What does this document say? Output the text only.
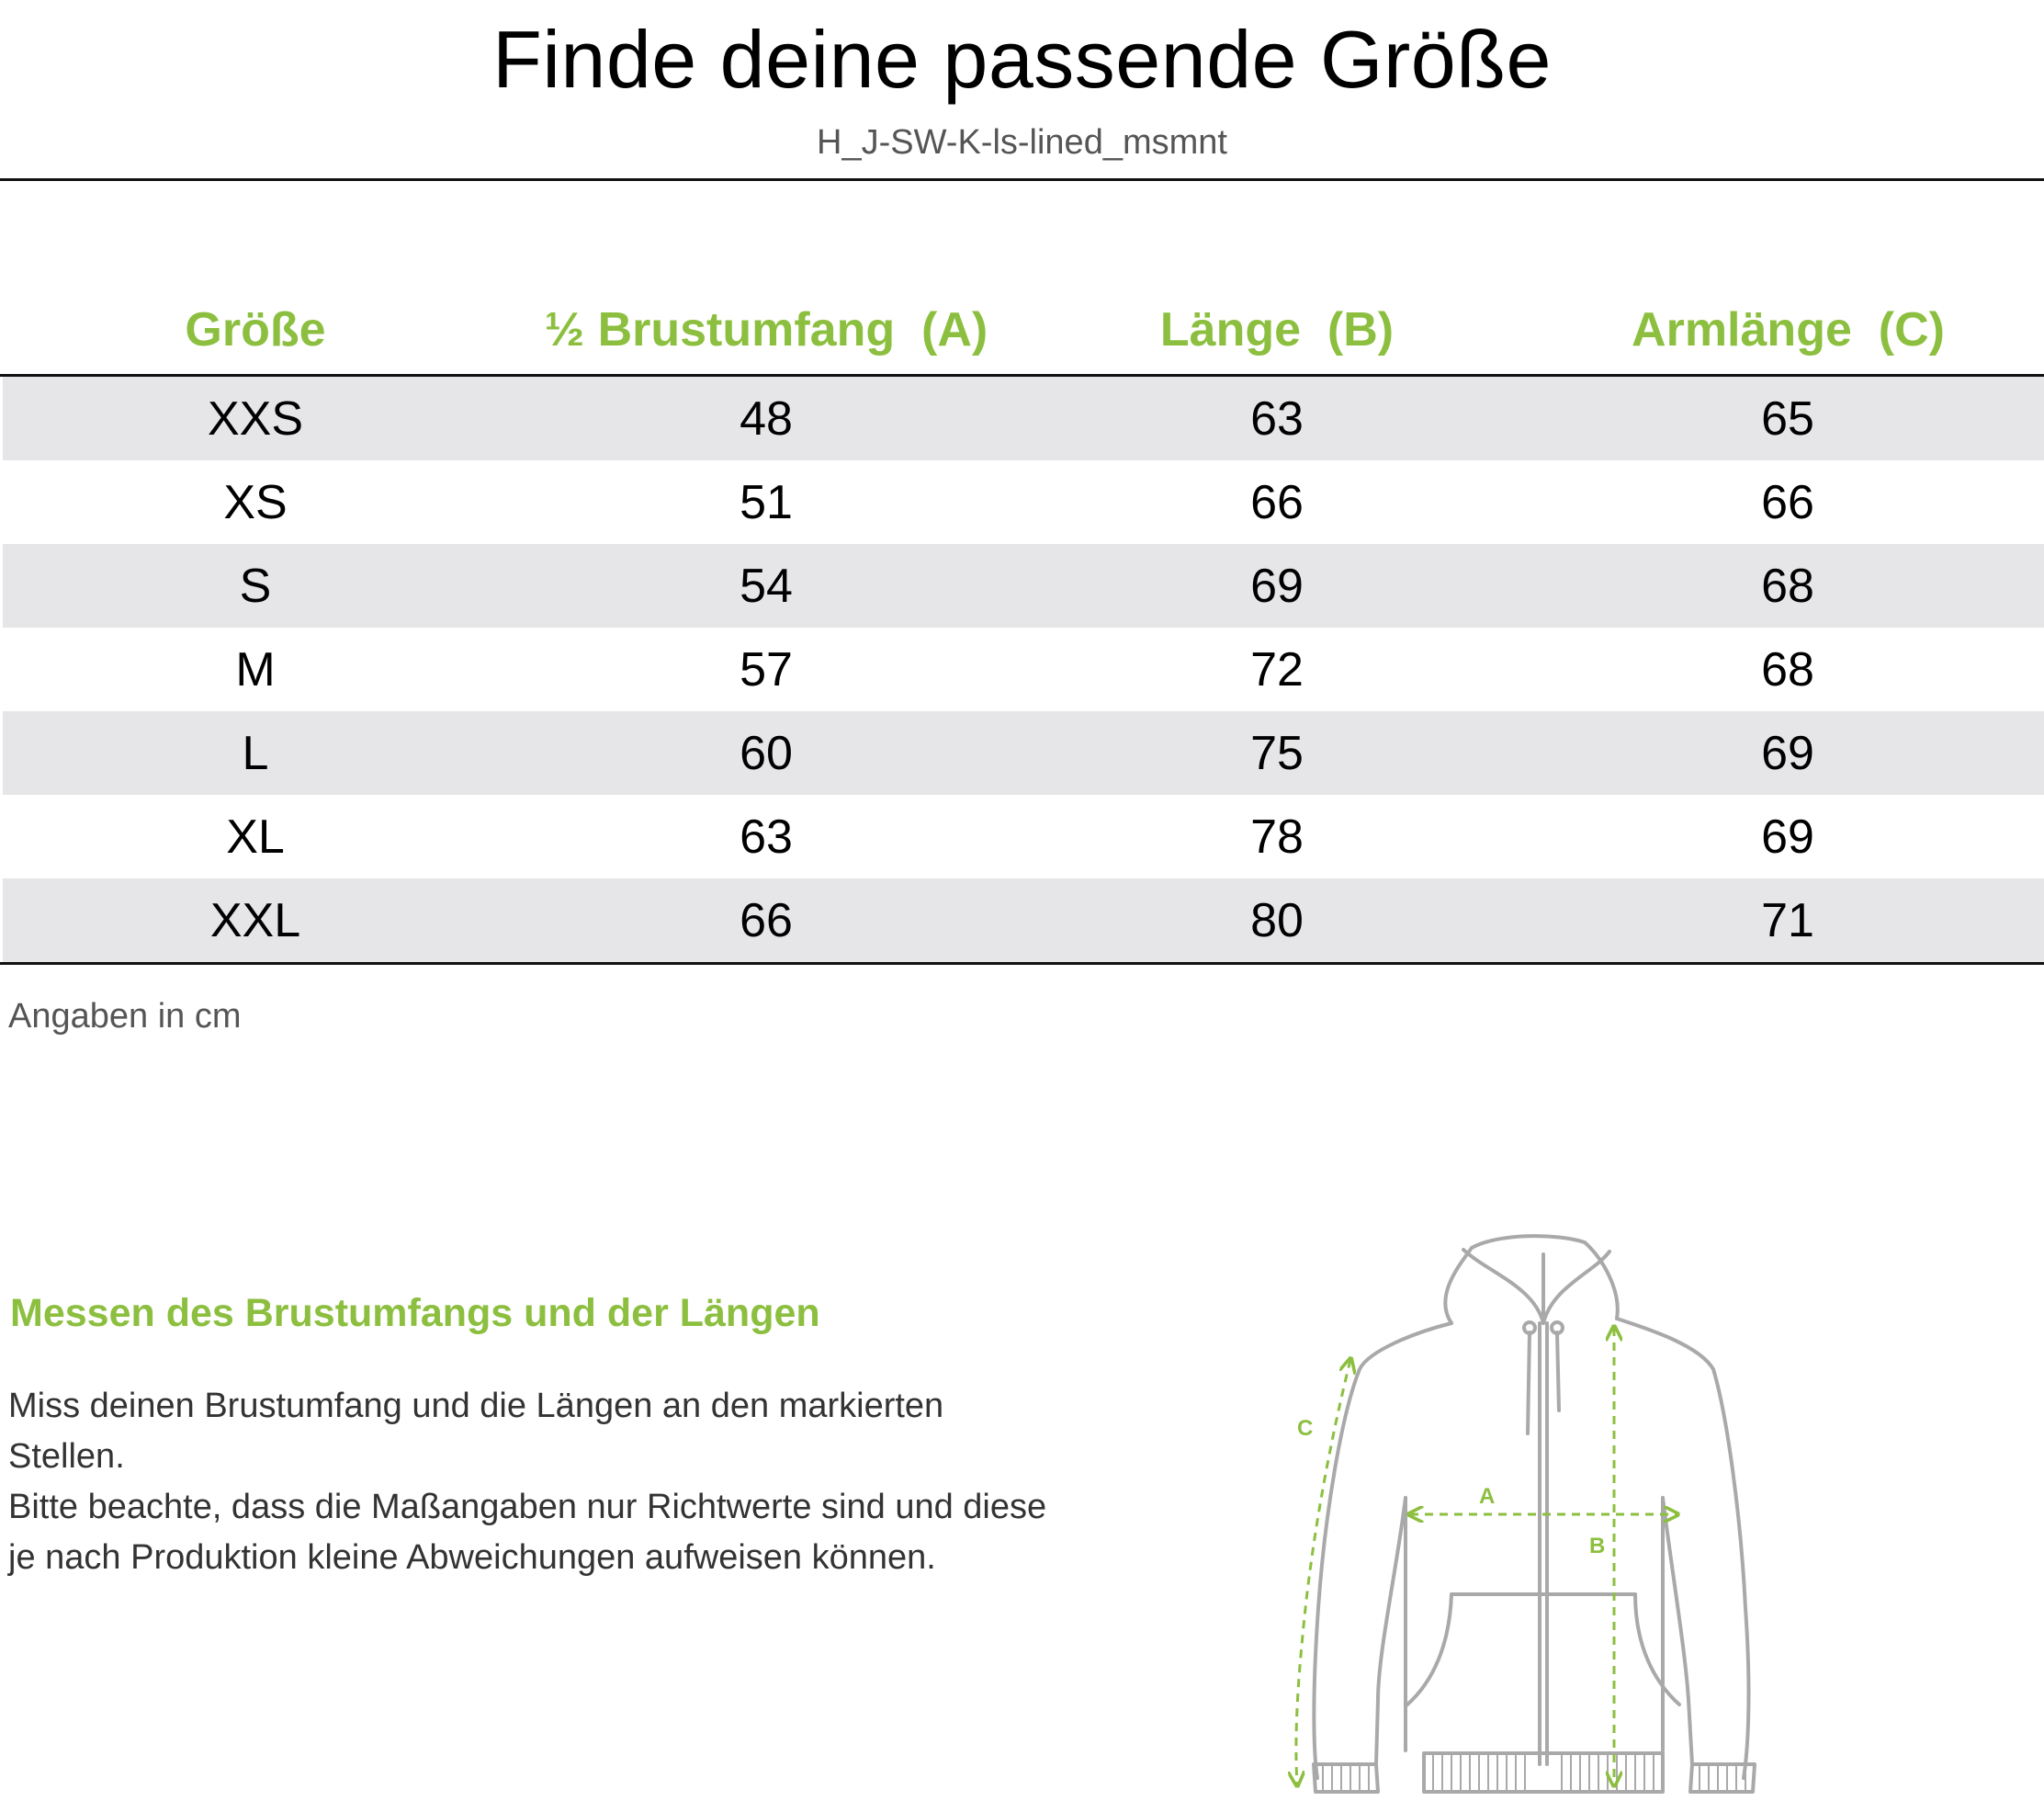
Finde deine passende Größe
H_J-SW-K-ls-lined_msmnt
Größe	½ Brustumfang  (A)	Länge  (B)	Armlänge  (C)
XXS	48	63	65
XS	51	66	66
S	54	69	68
M	57	72	68
L	60	75	69
XL	63	78	69
XXL	66	80	71
Angaben in cm
Messen des Brustumfangs und der Längen

Miss deinen Brustumfang und die Längen an den markierten Stellen.

Bitte beachte, dass die Maßangaben nur Richtwerte sind und diese je nach Produktion kleine Abweichungen aufweisen können.

A
B
C
